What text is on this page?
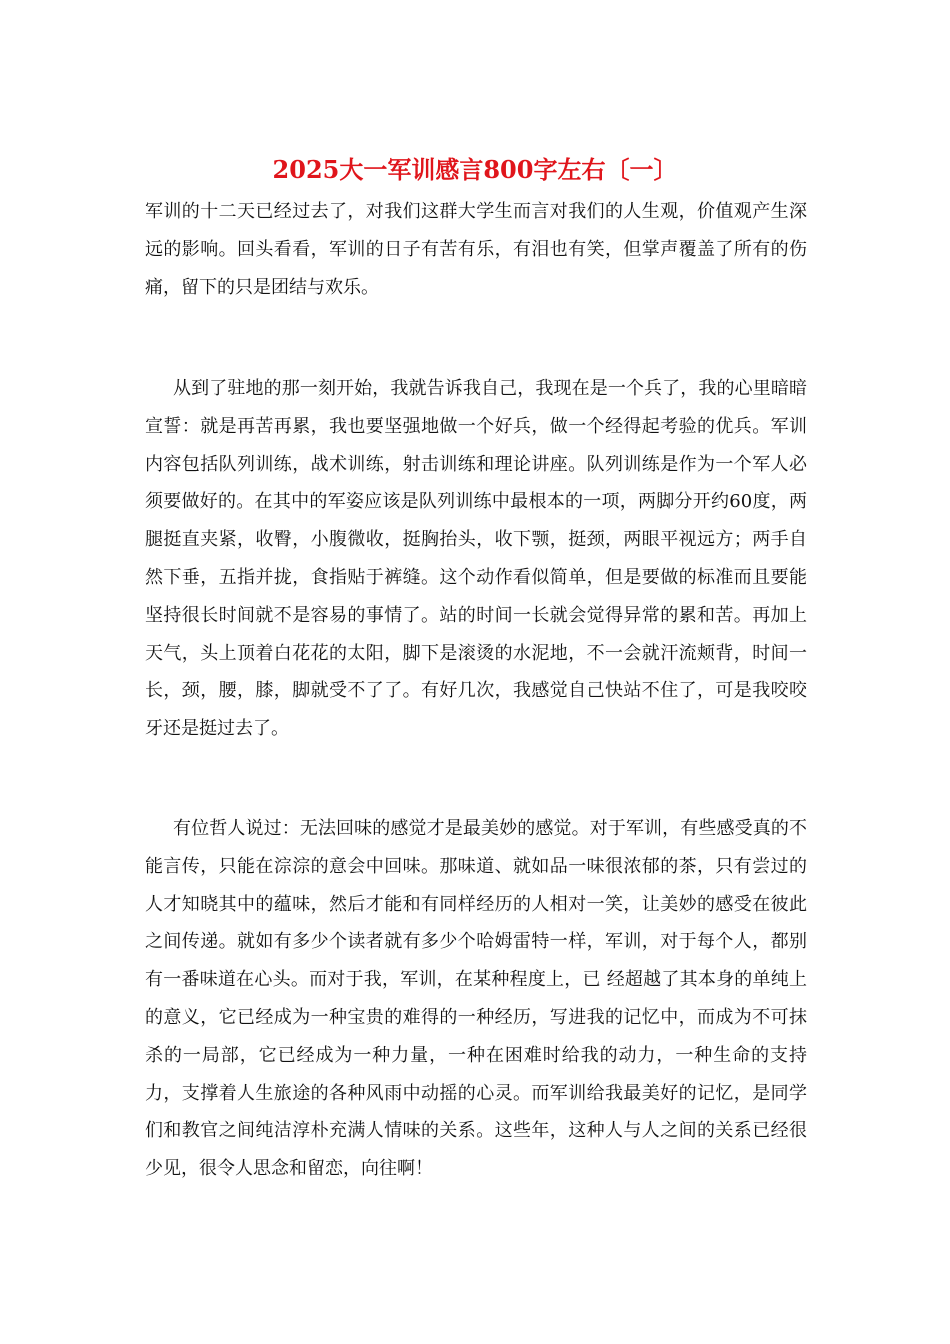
2025大一军训感言800字左右〔一〕

军训的十二天已经过去了，对我们这群大学生而言对我们的人生观，价值观产生深远的影响。回头看看，军训的日子有苦有乐，有泪也有笑，但掌声覆盖了所有的伤痛，留下的只是团结与欢乐。

从到了驻地的那一刻开始，我就告诉我自己，我现在是一个兵了，我的心里暗暗宣誓：就是再苦再累，我也要坚强地做一个好兵，做一个经得起考验的优兵。军训内容包括队列训练，战术训练，射击训练和理论讲座。队列训练是作为一个军人必须要做好的。在其中的军姿应该是队列训练中最根本的一项，两脚分开约60度，两腿挺直夹紧，收臀，小腹微收，挺胸抬头，收下颚，挺颈，两眼平视远方；两手自然下垂，五指并拢，食指贴于裤缝。这个动作看似简单，但是要做的标准而且要能坚持很长时间就不是容易的事情了。站的时间一长就会觉得异常的累和苦。再加上天气，头上顶着白花花的太阳，脚下是滚烫的水泥地，不一会就汗流颊背，时间一长，颈，腰，膝，脚就受不了了。有好几次，我感觉自己快站不住了，可是我咬咬牙还是挺过去了。

有位哲人说过：无法回味的感觉才是最美妙的感觉。对于军训，有些感受真的不能言传，只能在淙淙的意会中回味。那味道、就如品一味很浓郁的茶，只有尝过的人才知晓其中的蕴味，然后才能和有同样经历的人相对一笑，让美妙的感受在彼此之间传递。就如有多少个读者就有多少个哈姆雷特一样，军训，对于每个人，都别有一番味道在心头。而对于我，军训，在某种程度上，已 经超越了其本身的单纯上的意义，它已经成为一种宝贵的难得的一种经历，写进我的记忆中，而成为不可抹杀的一局部，它已经成为一种力量，一种在困难时给我的动力，一种生命的支持力，支撑着人生旅途的各种风雨中动摇的心灵。而军训给我最美好的记忆，是同学们和教官之间纯洁淳朴充满人情味的关系。这些年，这种人与人之间的关系已经很少见，很令人思念和留恋，向往啊！
